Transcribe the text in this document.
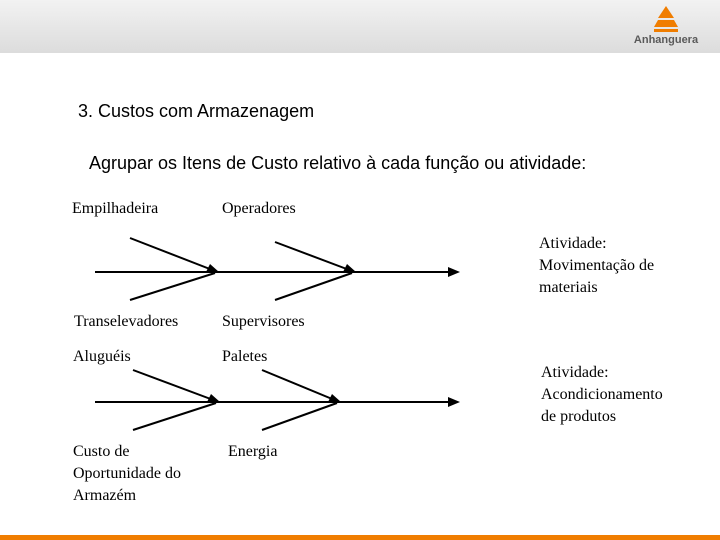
Anhanguera
3. Custos com Armazenagem
Agrupar os Itens de Custo relativo à cada função ou atividade:
Empilhadeira	Operadores
Transelevadores	Supervisores
Atividade:
Movimentação de
materiais
Aluguéis	Paletes
Custo de
Oportunidade do
Armazém
Energia
Atividade:
Acondicionamento
de produtos
